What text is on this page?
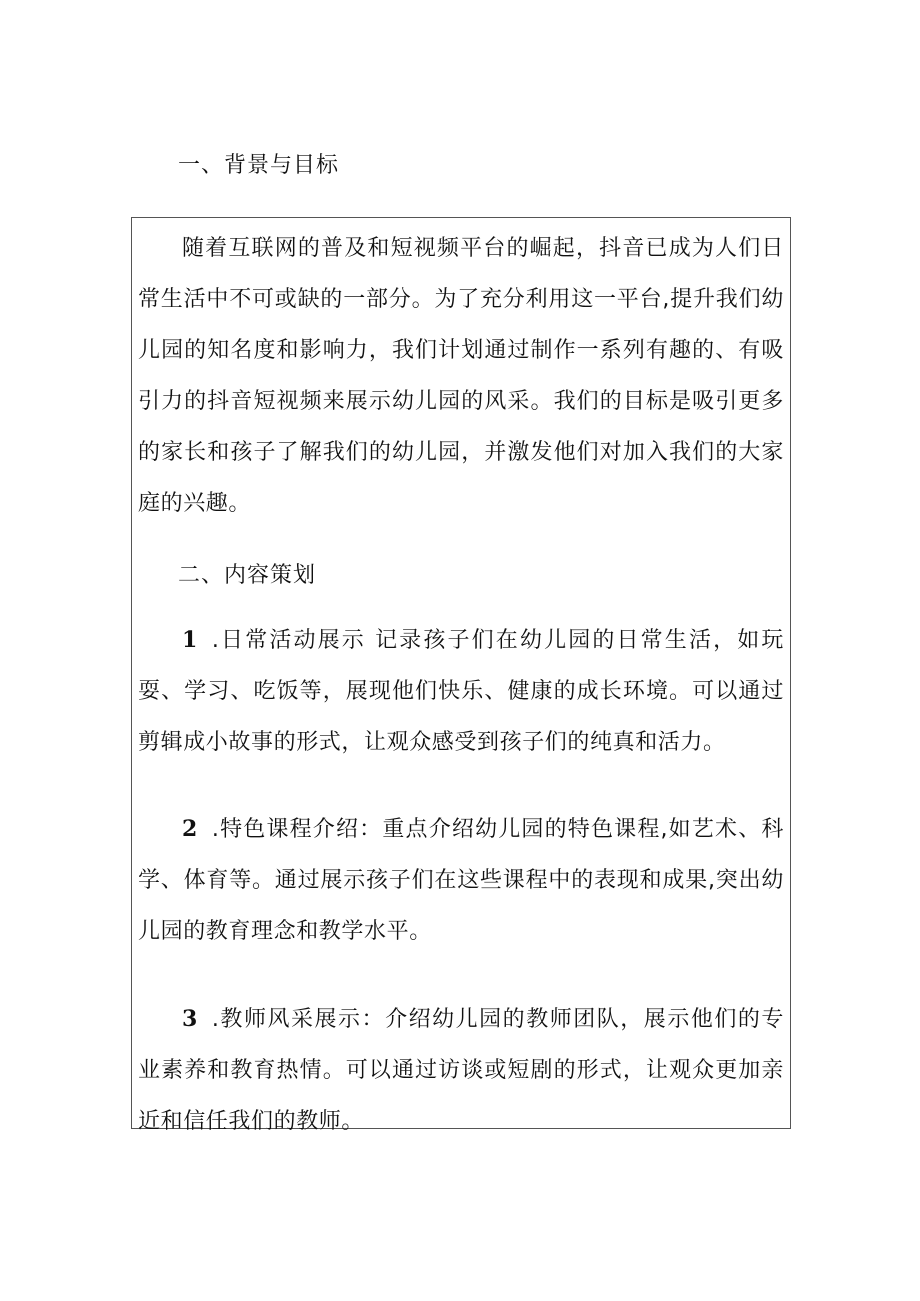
一、背景与目标
随着互联网的普及和短视频平台的崛起，抖音已成为人们日常生活中不可或缺的一部分。为了充分利用这一平台,提升我们幼儿园的知名度和影响力，我们计划通过制作一系列有趣的、有吸引力的抖音短视频来展示幼儿园的风采。我们的目标是吸引更多的家长和孩子了解我们的幼儿园，并激发他们对加入我们的大家庭的兴趣。
二、内容策划
1 .日常活动展示 记录孩子们在幼儿园的日常生活，如玩耍、学习、吃饭等，展现他们快乐、健康的成长环境。可以通过剪辑成小故事的形式，让观众感受到孩子们的纯真和活力。
2 .特色课程介绍：重点介绍幼儿园的特色课程,如艺术、科学、体育等。通过展示孩子们在这些课程中的表现和成果,突出幼儿园的教育理念和教学水平。
3 .教师风采展示：介绍幼儿园的教师团队，展示他们的专业素养和教育热情。可以通过访谈或短剧的形式，让观众更加亲近和信任我们的教师。
